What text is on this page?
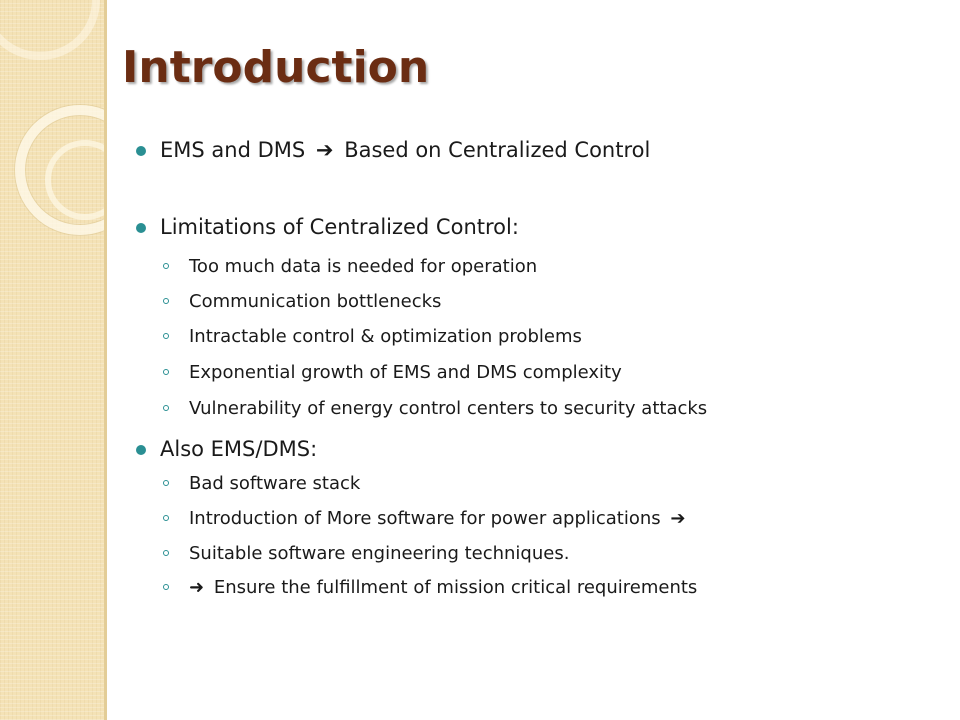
Introduction
EMS and DMS ➔ Based on Centralized Control
Limitations of Centralized Control:
Too much data is needed for operation
Communication bottlenecks
Intractable control & optimization problems
Exponential growth of EMS and DMS complexity
Vulnerability of energy control centers to security attacks
Also EMS/DMS:
Bad software stack
Introduction of More software for power applications ➔
Suitable software engineering techniques.
➜ Ensure the fulfillment of mission critical requirements
